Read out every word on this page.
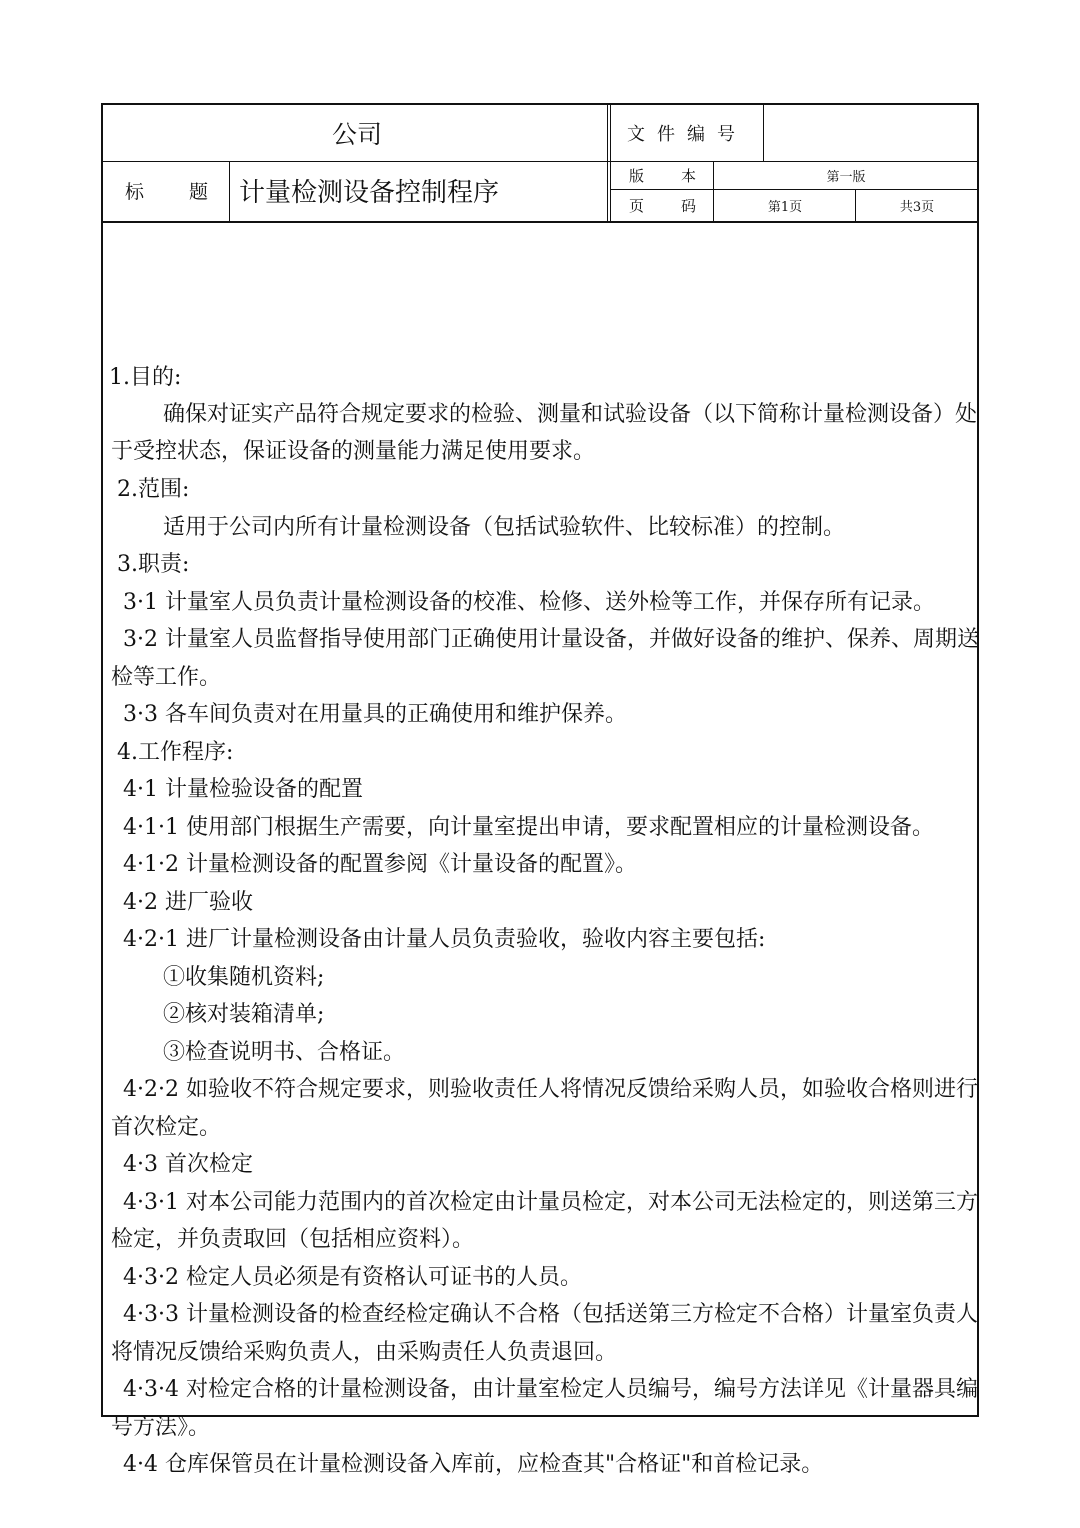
公司	文件编号
标 题 计量检测设备控制程序
版 本	第一版
页 码	第1页	共3页
1.目的:
确保对证实产品符合规定要求的检验、测量和试验设备（以下简称计量检测设备）处
于受控状态，保证设备的测量能力满足使用要求。
2.范围:
适用于公司内所有计量检测设备（包括试验软件、比较标准）的控制。
3.职责:
3·1 计量室人员负责计量检测设备的校准、检修、送外检等工作，并保存所有记录。
3·2 计量室人员监督指导使用部门正确使用计量设备，并做好设备的维护、保养、周期送
检等工作。
3·3 各车间负责对在用量具的正确使用和维护保养。
4.工作程序:
4·1 计量检验设备的配置
4·1·1 使用部门根据生产需要，向计量室提出申请，要求配置相应的计量检测设备。
4·1·2 计量检测设备的配置参阅《计量设备的配置》。
4·2 进厂验收
4·2·1 进厂计量检测设备由计量人员负责验收，验收内容主要包括:
①收集随机资料;
②核对装箱清单;
③检查说明书、合格证。
4·2·2 如验收不符合规定要求，则验收责任人将情况反馈给采购人员，如验收合格则进行
首次检定。
4·3 首次检定
4·3·1 对本公司能力范围内的首次检定由计量员检定，对本公司无法检定的，则送第三方
检定，并负责取回（包括相应资料）。
4·3·2 检定人员必须是有资格认可证书的人员。
4·3·3 计量检测设备的检查经检定确认不合格（包括送第三方检定不合格）计量室负责人
将情况反馈给采购负责人，由采购责任人负责退回。
4·3·4 对检定合格的计量检测设备，由计量室检定人员编号，编号方法详见《计量器具编
号方法》。
4·4 仓库保管员在计量检测设备入库前，应检查其"合格证"和首检记录。
